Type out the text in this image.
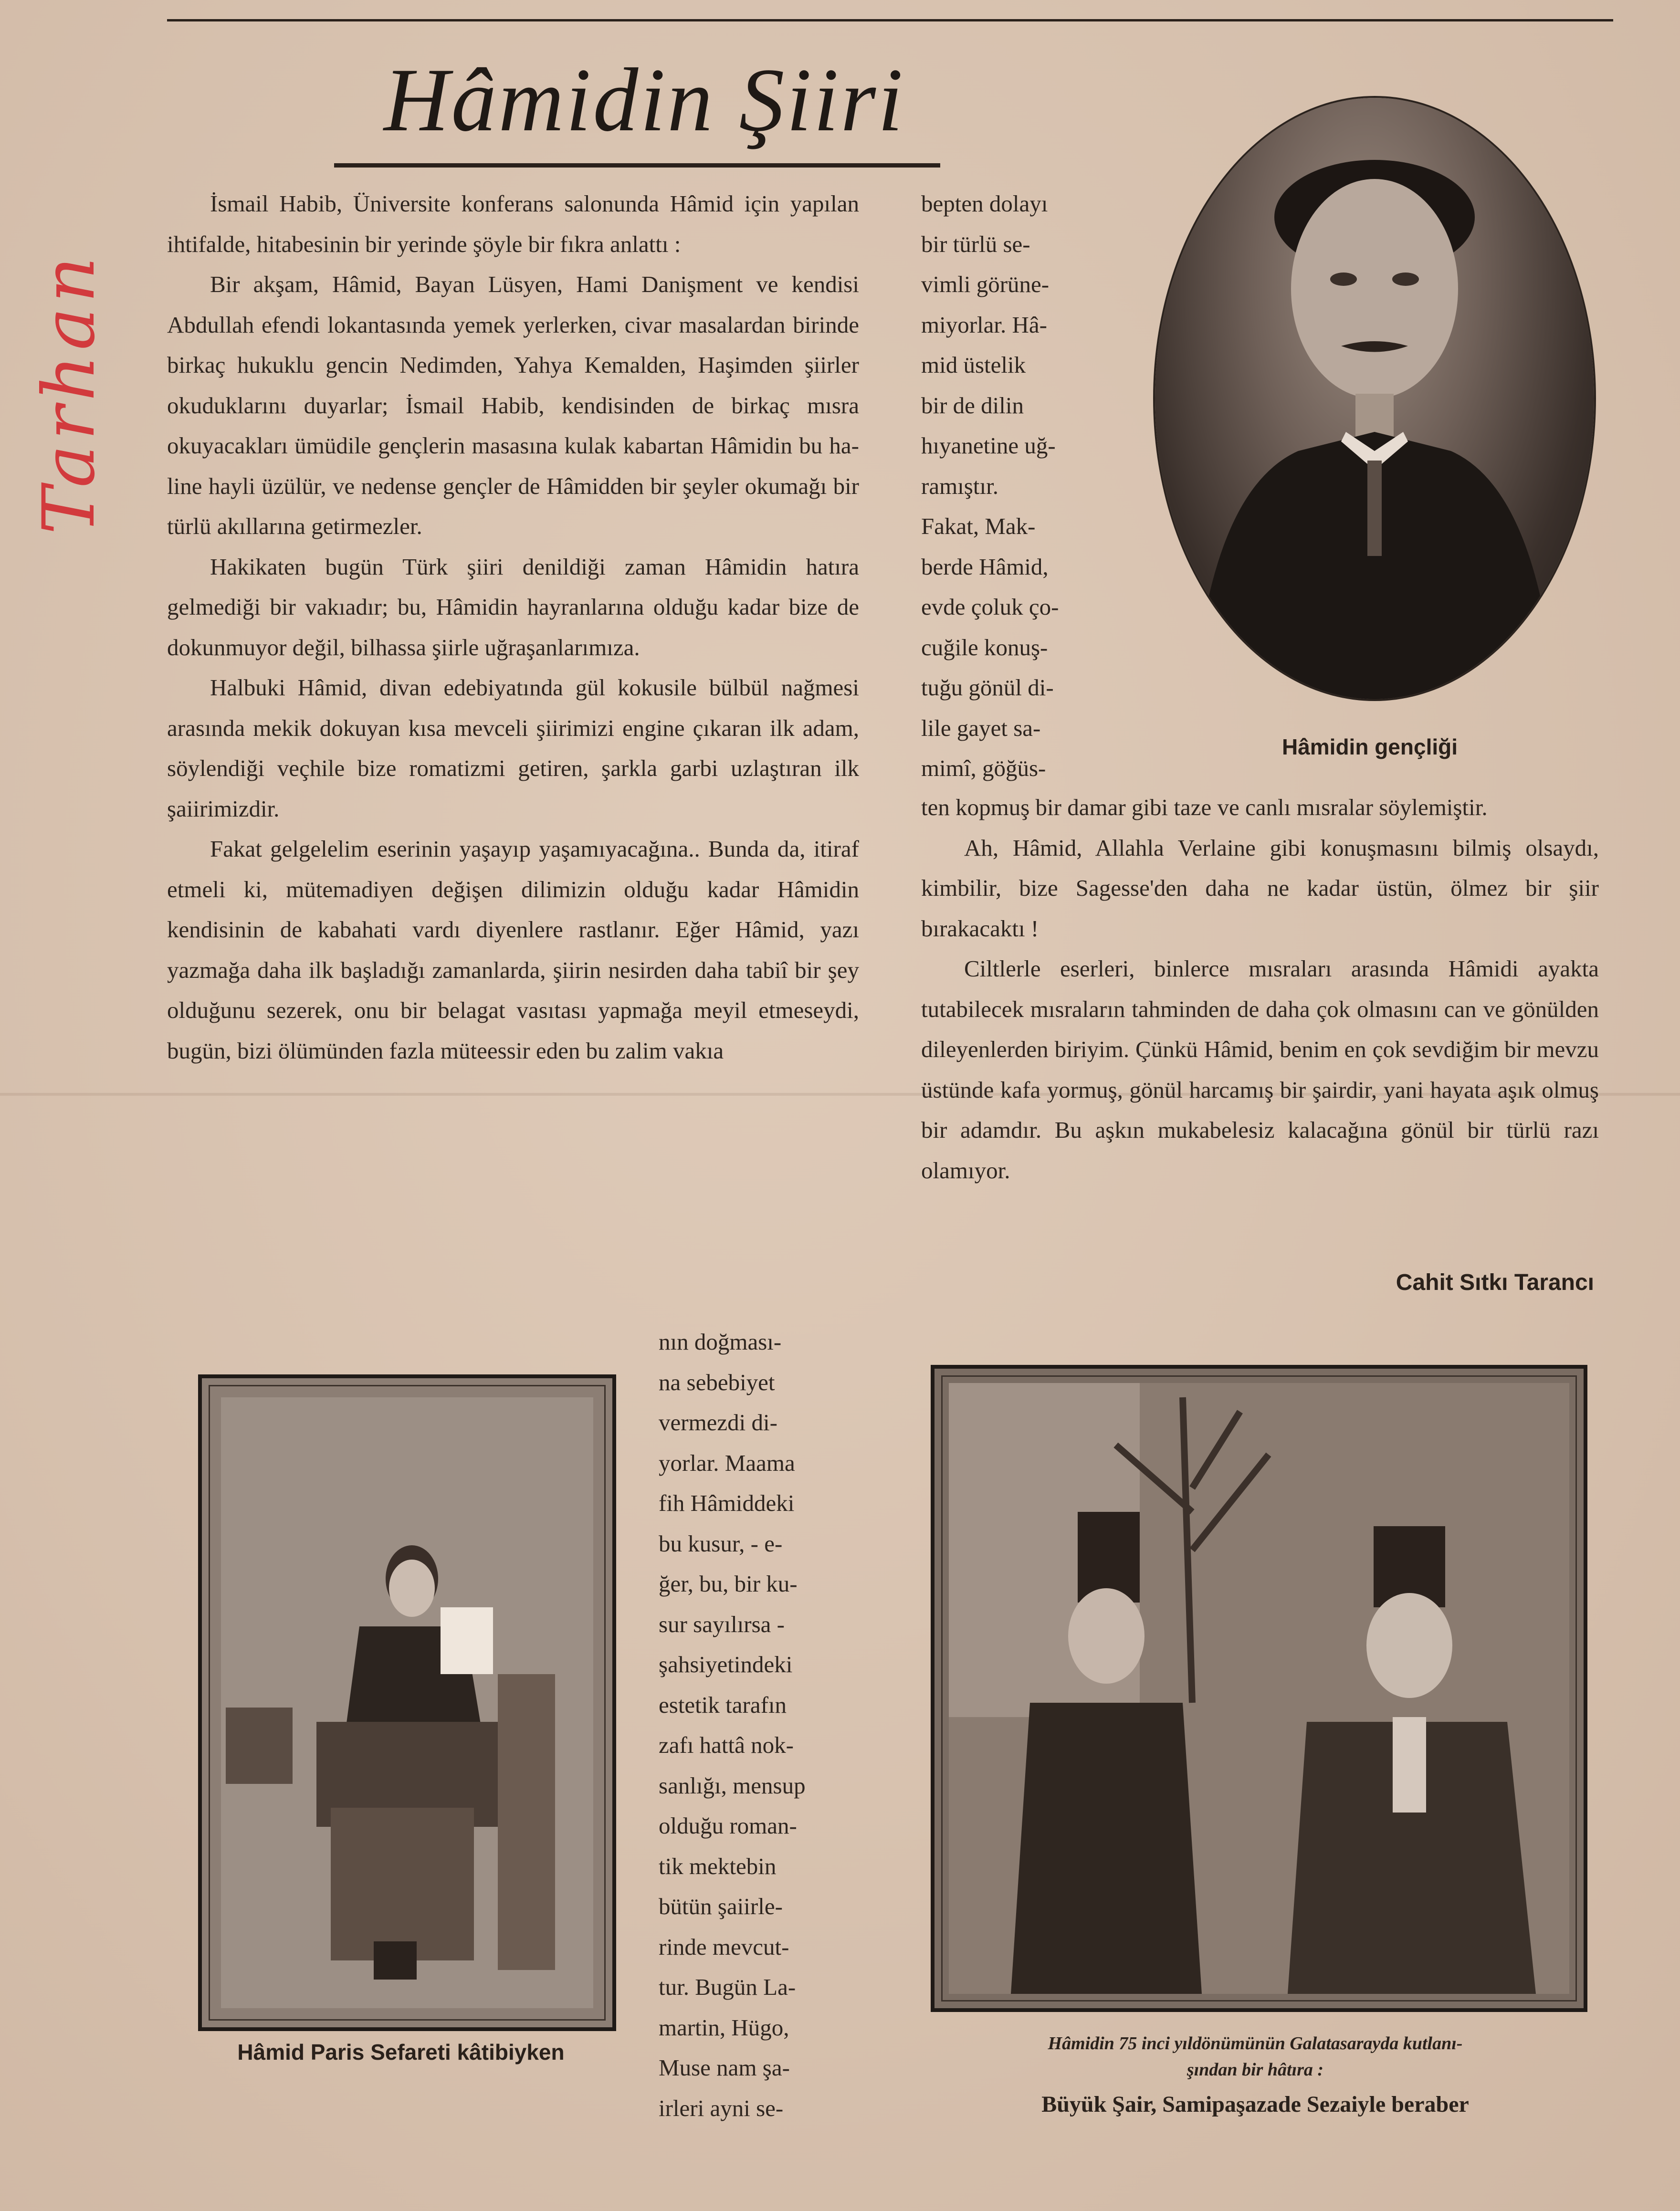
Tarhan
Hâmidin Şiiri

İsmail Habib, Üniversite konferans salonunda Hâmid için yapılan ihtifalde, hitabesinin bir yerinde şöyle bir fıkra anlattı :

Bir akşam, Hâmid, Bayan Lüsyen, Hami Danişment ve kendisi Abdullah efendi lokantasında yemek yerlerken, civar masalardan birinde birkaç hukuklu gencin Nedimden, Yahya Kemalden, Haşimden şiirler okuduklarını duyarlar; İsmail Habib, kendisinden de birkaç mısra okuyacakları ümüdile gençlerin masasına kulak kabartan Hâmidin bu haline hayli üzülür, ve nedense gençler de Hâmidden bir şeyler okumağı bir türlü akıllarına getirmezler.

Hakikaten bugün Türk şiiri denildiği zaman Hâmidin hatıra gelmediği bir vakıadır; bu, Hâmidin hayranlarına olduğu kadar bize de dokunmuyor değil, bilhassa şiirle uğraşanlarımıza.

Halbuki Hâmid, divan edebiyatında gül kokusile bülbül nağmesi arasında mekik dokuyan kısa mevceli şiirimizi engine çıkaran ilk adam, söylendiği veçhile bize romatizmi getiren, şarkla garbi uzlaştıran ilk şaiirimizdir.

Fakat gelgelelim eserinin yaşayıp yaşamıyacağına.. Bunda da, itiraf etmeli ki, mütemadiyen değişen dilimizin olduğu kadar Hâmidin kendisinin de kabahati vardı diyenlere rastlanır. Eğer Hâmid, yazı yazmağa daha ilk başladığı zamanlarda, şiirin nesirden daha tabiî bir şey olduğunu sezerek, onu bir belagat vasıtası yapmağa meyil etmeseydi, bugün, bizi ölümünden fazla müteessir eden bu zalim vakıa

bepten dolayı
bir türlü se-
vimli görüne-
miyorlar. Hâ-
mid üstelik
bir de dilin
hıyanetine uğ-
ramıştır.
Fakat, Mak-
berde Hâmid,
evde çoluk ço-
cuğile konuş-
tuğu gönül di-
lile gayet sa-
mimî, göğüs-
Hâmidin gençliği

ten kopmuş bir damar gibi taze ve canlı mısralar söylemiştir.

Ah, Hâmid, Allahla Verlaine gibi konuşmasını bilmiş olsaydı, kimbilir, bize Sagesse'den daha ne kadar üstün, ölmez bir şiir bırakacaktı !

Ciltlerle eserleri, binlerce mısraları arasında Hâmidi ayakta tutabilecek mısraların tahminden de daha çok olmasını can ve gönülden dileyenlerden biriyim. Çünkü Hâmid, benim en çok sevdiğim bir mevzu üstünde kafa yormuş, gönül harcamış bir şairdir, yani hayata aşık olmuş bir adamdır. Bu aşkın mukabelesiz kalacağına gönül bir türlü razı olamıyor.

Cahit Sıtkı Tarancı
Hâmid Paris Sefareti kâtibiyken
nın doğması-
na sebebiyet
vermezdi di-
yorlar. Maama
fih Hâmiddeki
bu kusur, - e-
ğer, bu, bir ku-
sur sayılırsa -
şahsiyetindeki
estetik tarafın
zafı hattâ nok-
sanlığı, mensup
olduğu roman-
tik mektebin
bütün şaiirle-
rinde mevcut-
tur. Bugün La-
martin, Hügo,
Muse nam şa-
irleri ayni se-
Hâmidin 75 inci yıldönümünün Galatasarayda kutlanı-
şından bir hâtıra :
Büyük Şair, Samipaşazade Sezaiyle beraber
